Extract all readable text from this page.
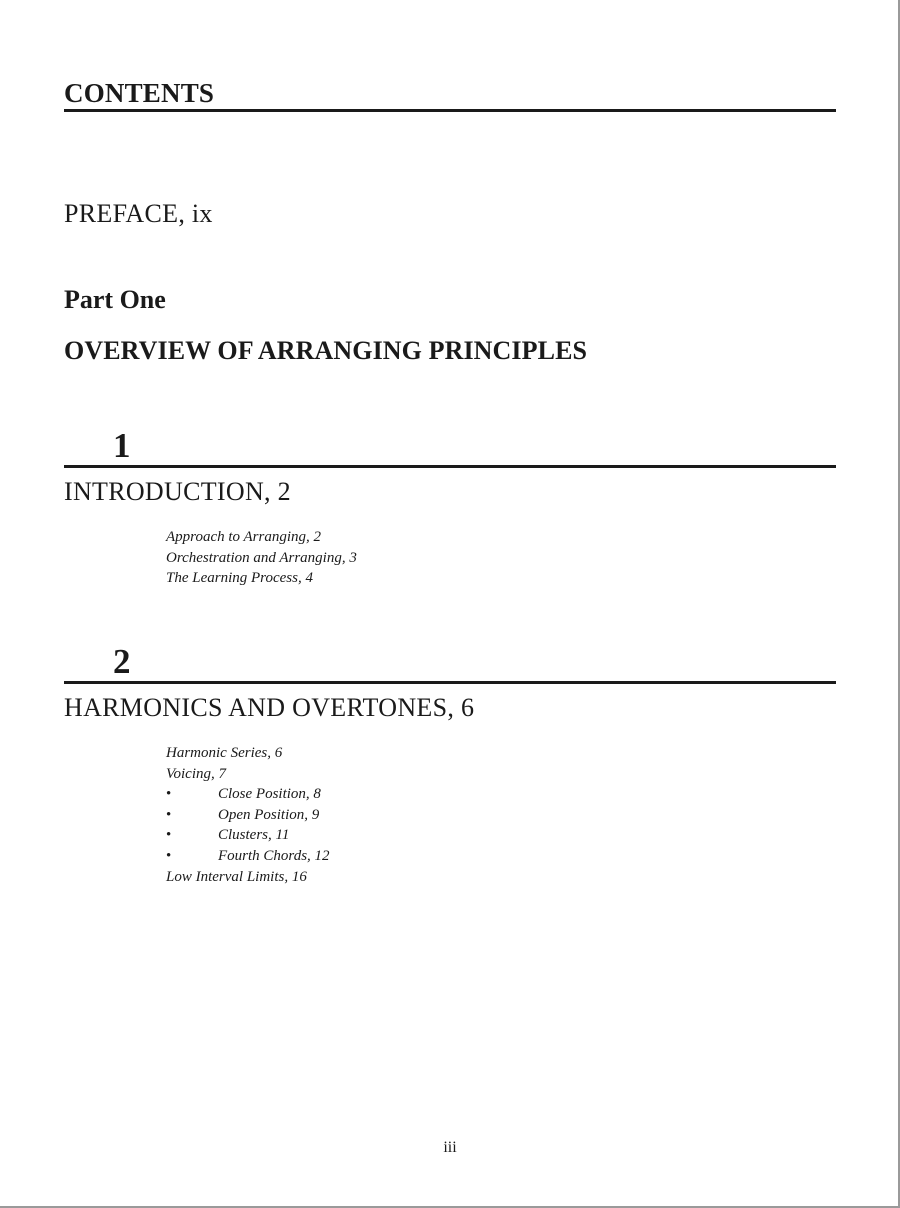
CONTENTS
PREFACE, ix
Part One
OVERVIEW OF ARRANGING PRINCIPLES
1
INTRODUCTION, 2
Approach to Arranging, 2
Orchestration and Arranging, 3
The Learning Process, 4
2
HARMONICS AND OVERTONES, 6
Harmonic Series, 6
Voicing, 7
•	Close Position, 8
•	Open Position, 9
•	Clusters, 11
•	Fourth Chords, 12
Low Interval Limits, 16
iii
